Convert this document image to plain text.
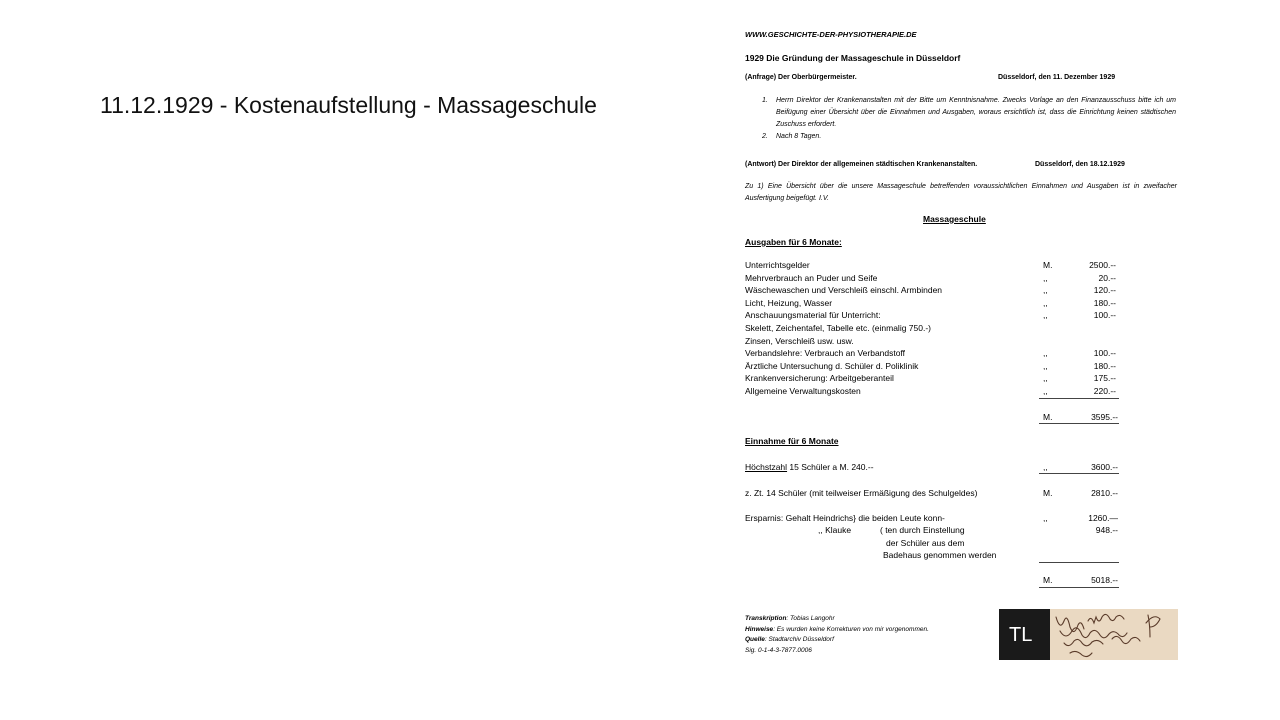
11.12.1929 - Kostenaufstellung - Massageschule
WWW.GESCHICHTE-DER-PHYSIOTHERAPIE.DE
1929 Die Gründung der Massageschule in Düsseldorf
(Anfrage) Der Oberbürgermeister.	Düsseldorf, den 11. Dezember 1929
1. Herrn Direktor der Krankenanstalten mit der Bitte um Kenntnisnahme. Zwecks Vorlage an den Finanzausschuss bitte ich um Beifügung einer Übersicht über die Einnahmen und Ausgaben, woraus ersichtlich ist, dass die Einrichtung keinen städtischen Zuschuss erfordert.
2. Nach 8 Tagen.
(Antwort) Der Direktor der allgemeinen städtischen Krankenanstalten.	Düsseldorf, den 18.12.1929
Zu 1) Eine Übersicht über die unsere Massageschule betreffenden voraussichtlichen Einnahmen und Ausgaben ist in zweifacher Ausfertigung beigefügt. I.V.
Massageschule
Ausgaben für 6 Monate:
Unterrichtsgelder	M.	2500.--
Mehrverbrauch an Puder und Seife	,,	20.--
Wäschewaschen und Verschleiß einschl. Armbinden	,,	120.--
Licht, Heizung, Wasser	,,	180.--
Anschauungsmaterial für Unterricht:	,,	100.--
Skelett, Zeichentafel, Tabelle etc. (einmalig 750.-)
Zinsen, Verschleiß usw. usw.
Verbandslehre: Verbrauch an Verbandstoff	,,	100.--
Ärztliche Untersuchung d. Schüler d. Poliklinik	,,	180.--
Krankenversicherung: Arbeitgeberanteil	,,	175.--
Allgemeine Verwaltungskosten	,,	220.--
M.	3595.--
Einnahme für 6 Monate
Höchstzahl 15 Schüler a M. 240.--	,,	3600.--
z. Zt. 14 Schüler (mit teilweiser Ermäßigung des Schulgeldes)	M.	2810.--
Ersparnis: Gehalt Heindrichs} die beiden Leute konn-	,,	1260.—
,, Klauke	( ten durch Einstellung	948.--
der Schüler aus dem
Badehaus genommen werden
M.	5018.--
Transkription: Tobias Langohr
Hinweise: Es wurden keine Korrekturen von mir vorgenommen.
Quelle: Stadtarchiv Düsseldorf
Sig. 0-1-4-3-7877.0006
TL
